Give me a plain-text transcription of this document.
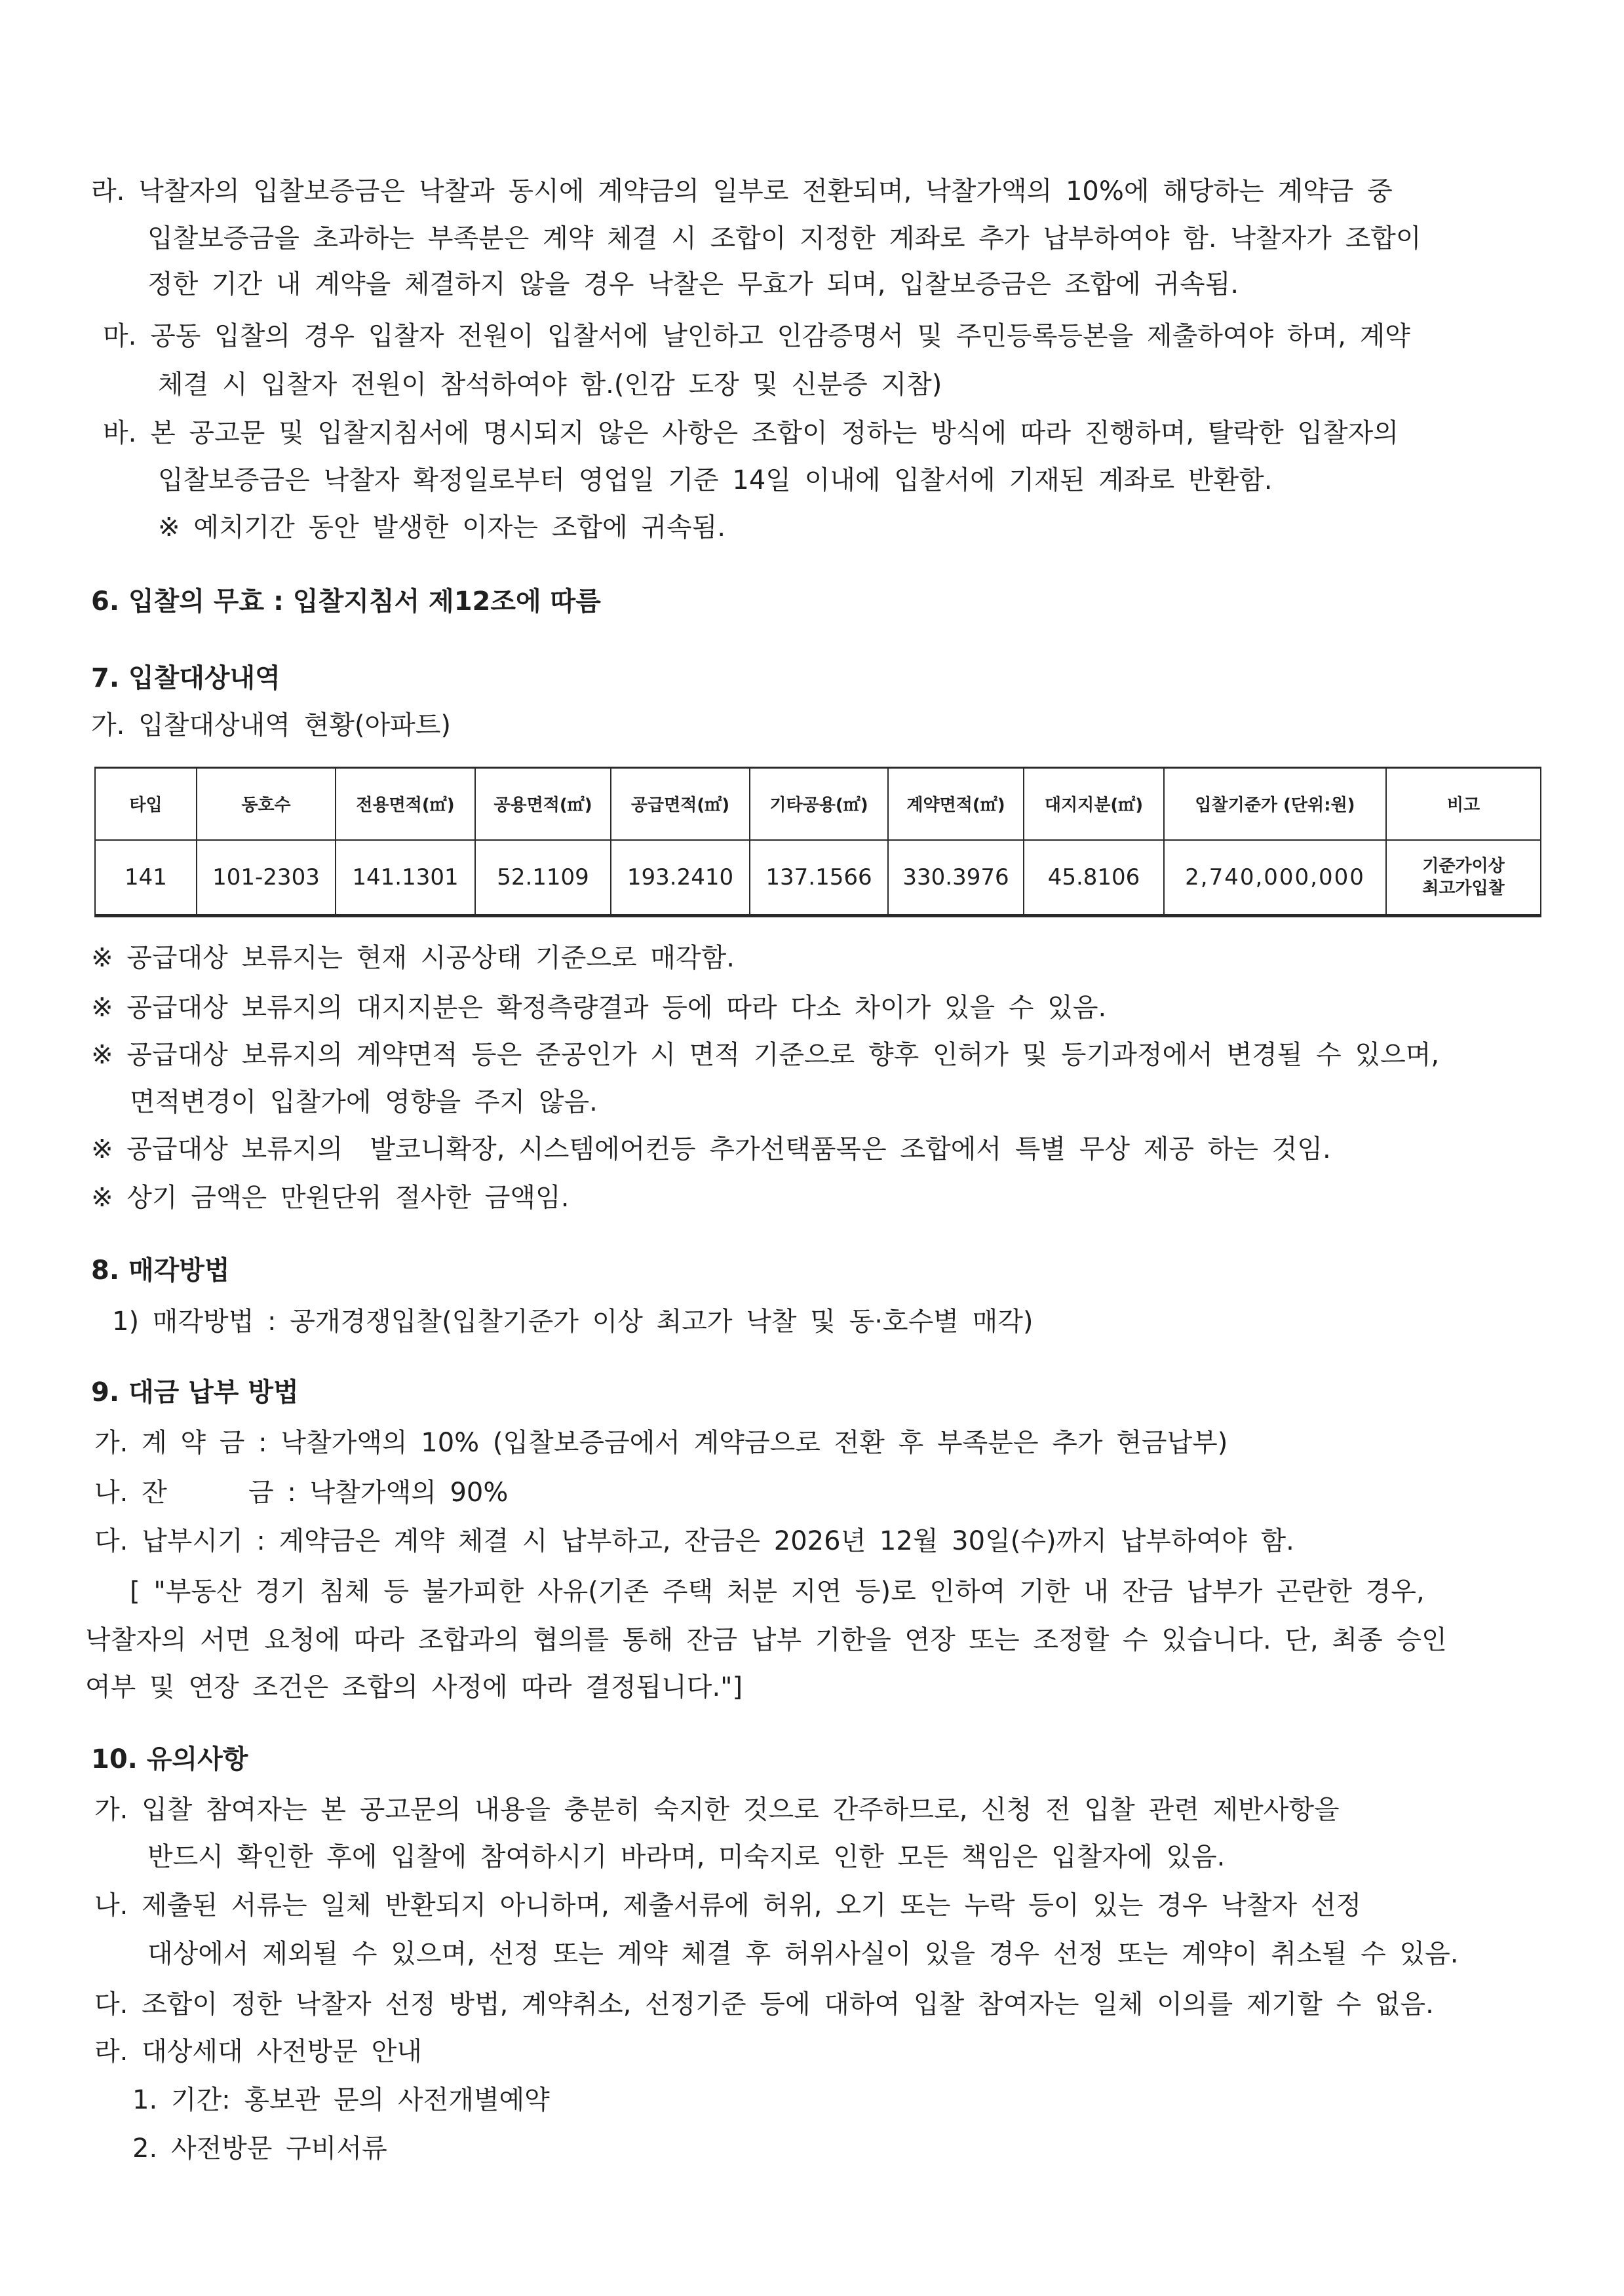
라. 낙찰자의 입찰보증금은 낙찰과 동시에 계약금의 일부로 전환되며, 낙찰가액의 10%에 해당하는 계약금 중
입찰보증금을 초과하는 부족분은 계약 체결 시 조합이 지정한 계좌로 추가 납부하여야 함. 낙찰자가 조합이
정한 기간 내 계약을 체결하지 않을 경우 낙찰은 무효가 되며, 입찰보증금은 조합에 귀속됨.
마. 공동 입찰의 경우 입찰자 전원이 입찰서에 날인하고 인감증명서 및 주민등록등본을 제출하여야 하며, 계약
체결 시 입찰자 전원이 참석하여야 함.(인감 도장 및 신분증 지참)
바. 본 공고문 및 입찰지침서에 명시되지 않은 사항은 조합이 정하는 방식에 따라 진행하며, 탈락한 입찰자의
입찰보증금은 낙찰자 확정일로부터 영업일 기준 14일 이내에 입찰서에 기재된 계좌로 반환함.
※ 예치기간 동안 발생한 이자는 조합에 귀속됨.
6. 입찰의 무효 : 입찰지침서 제12조에 따름
7. 입찰대상내역
가. 입찰대상내역 현황(아파트)
타입	동호수	전용면적(㎡)	공용면적(㎡)	공급면적(㎡)	기타공용(㎡)	계약면적(㎡)	대지지분(㎡)	입찰기준가 (단위:원)	비고
141	101-2303	141.1301	52.1109	193.2410	137.1566	330.3976	45.8106	2,740,000,000	기준가이상
최고가입찰
※ 공급대상 보류지는 현재 시공상태 기준으로 매각함.
※ 공급대상 보류지의 대지지분은 확정측량결과 등에 따라 다소 차이가 있을 수 있음.
※ 공급대상 보류지의 계약면적 등은 준공인가 시 면적 기준으로 향후 인허가 및 등기과정에서 변경될 수 있으며,
면적변경이 입찰가에 영향을 주지 않음.
※ 공급대상 보류지의  발코니확장, 시스템에어컨등 추가선택품목은 조합에서 특별 무상 제공 하는 것임.
※ 상기 금액은 만원단위 절사한 금액임.
8. 매각방법
1) 매각방법 : 공개경쟁입찰(입찰기준가 이상 최고가 낙찰 및 동·호수별 매각)
9. 대금 납부 방법
가. 계 약 금 : 낙찰가액의 10% (입찰보증금에서 계약금으로 전환 후 부족분은 추가 현금납부)
나. 잔      금 : 낙찰가액의 90%
다. 납부시기 : 계약금은 계약 체결 시 납부하고, 잔금은 2026년 12월 30일(수)까지 납부하여야 함.
[ "부동산 경기 침체 등 불가피한 사유(기존 주택 처분 지연 등)로 인하여 기한 내 잔금 납부가 곤란한 경우,
낙찰자의 서면 요청에 따라 조합과의 협의를 통해 잔금 납부 기한을 연장 또는 조정할 수 있습니다. 단, 최종 승인
여부 및 연장 조건은 조합의 사정에 따라 결정됩니다."]
10. 유의사항
가. 입찰 참여자는 본 공고문의 내용을 충분히 숙지한 것으로 간주하므로, 신청 전 입찰 관련 제반사항을
반드시 확인한 후에 입찰에 참여하시기 바라며, 미숙지로 인한 모든 책임은 입찰자에 있음.
나. 제출된 서류는 일체 반환되지 아니하며, 제출서류에 허위, 오기 또는 누락 등이 있는 경우 낙찰자 선정
대상에서 제외될 수 있으며, 선정 또는 계약 체결 후 허위사실이 있을 경우 선정 또는 계약이 취소될 수 있음.
다. 조합이 정한 낙찰자 선정 방법, 계약취소, 선정기준 등에 대하여 입찰 참여자는 일체 이의를 제기할 수 없음.
라. 대상세대 사전방문 안내
1. 기간: 홍보관 문의 사전개별예약
2. 사전방문 구비서류
